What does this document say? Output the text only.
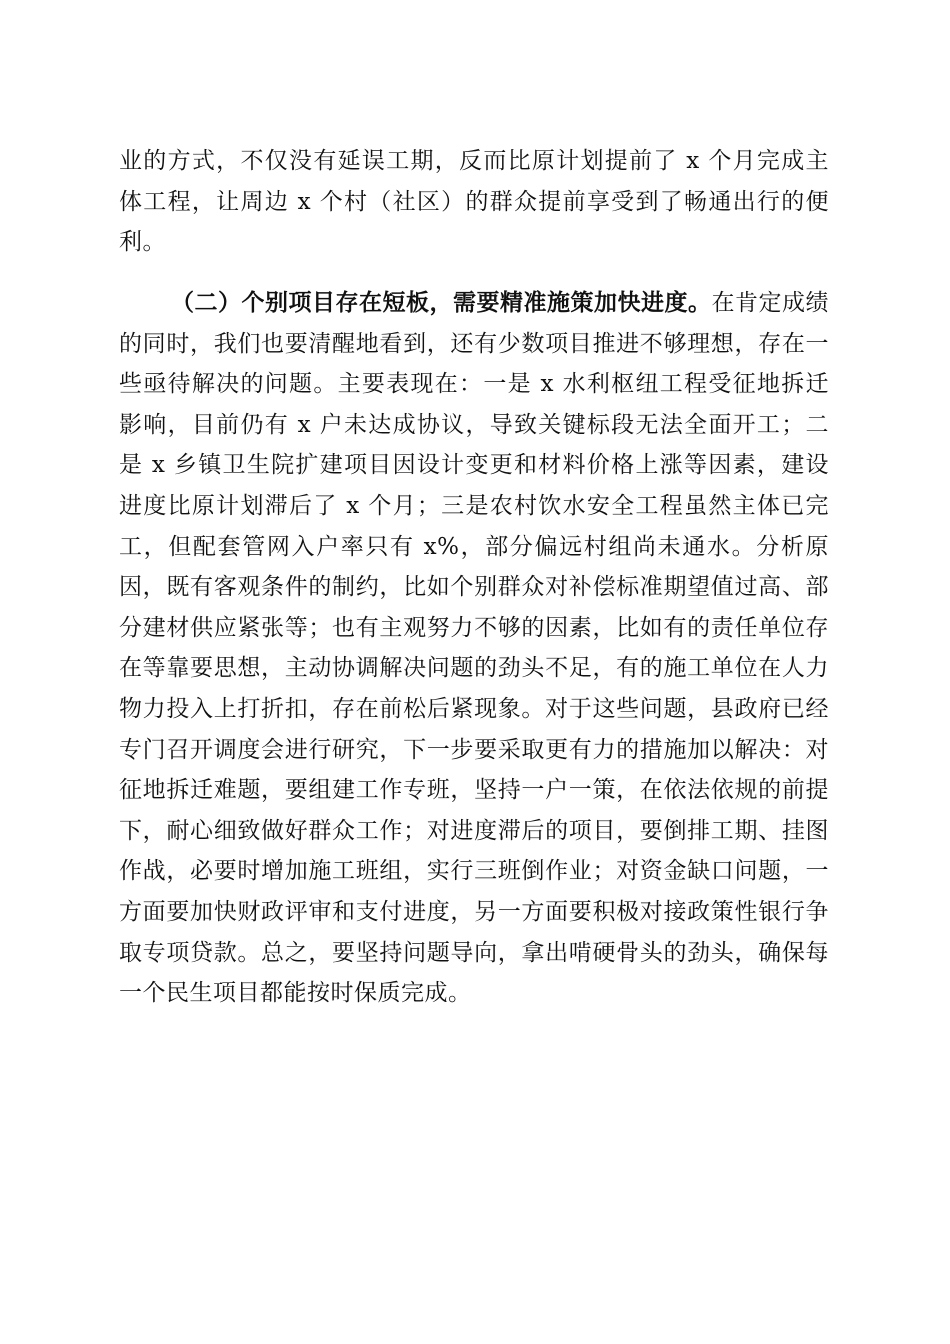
业的方式，不仅没有延误工期，反而比原计划提前了 x 个月完成主体工程，让周边 x 个村（社区）的群众提前享受到了畅通出行的便利。

（二）个别项目存在短板，需要精准施策加快进度。在肯定成绩的同时，我们也要清醒地看到，还有少数项目推进不够理想，存在一些亟待解决的问题。主要表现在：一是 x 水利枢纽工程受征地拆迁影响，目前仍有 x 户未达成协议，导致关键标段无法全面开工；二是 x 乡镇卫生院扩建项目因设计变更和材料价格上涨等因素，建设进度比原计划滞后了 x 个月；三是农村饮水安全工程虽然主体已完工，但配套管网入户率只有 x%，部分偏远村组尚未通水。分析原因，既有客观条件的制约，比如个别群众对补偿标准期望值过高、部分建材供应紧张等；也有主观努力不够的因素，比如有的责任单位存在等靠要思想，主动协调解决问题的劲头不足，有的施工单位在人力物力投入上打折扣，存在前松后紧现象。对于这些问题，县政府已经专门召开调度会进行研究，下一步要采取更有力的措施加以解决：对征地拆迁难题，要组建工作专班，坚持一户一策，在依法依规的前提下，耐心细致做好群众工作；对进度滞后的项目，要倒排工期、挂图作战，必要时增加施工班组，实行三班倒作业；对资金缺口问题，一方面要加快财政评审和支付进度，另一方面要积极对接政策性银行争取专项贷款。总之，要坚持问题导向，拿出啃硬骨头的劲头，确保每一个民生项目都能按时保质完成。
